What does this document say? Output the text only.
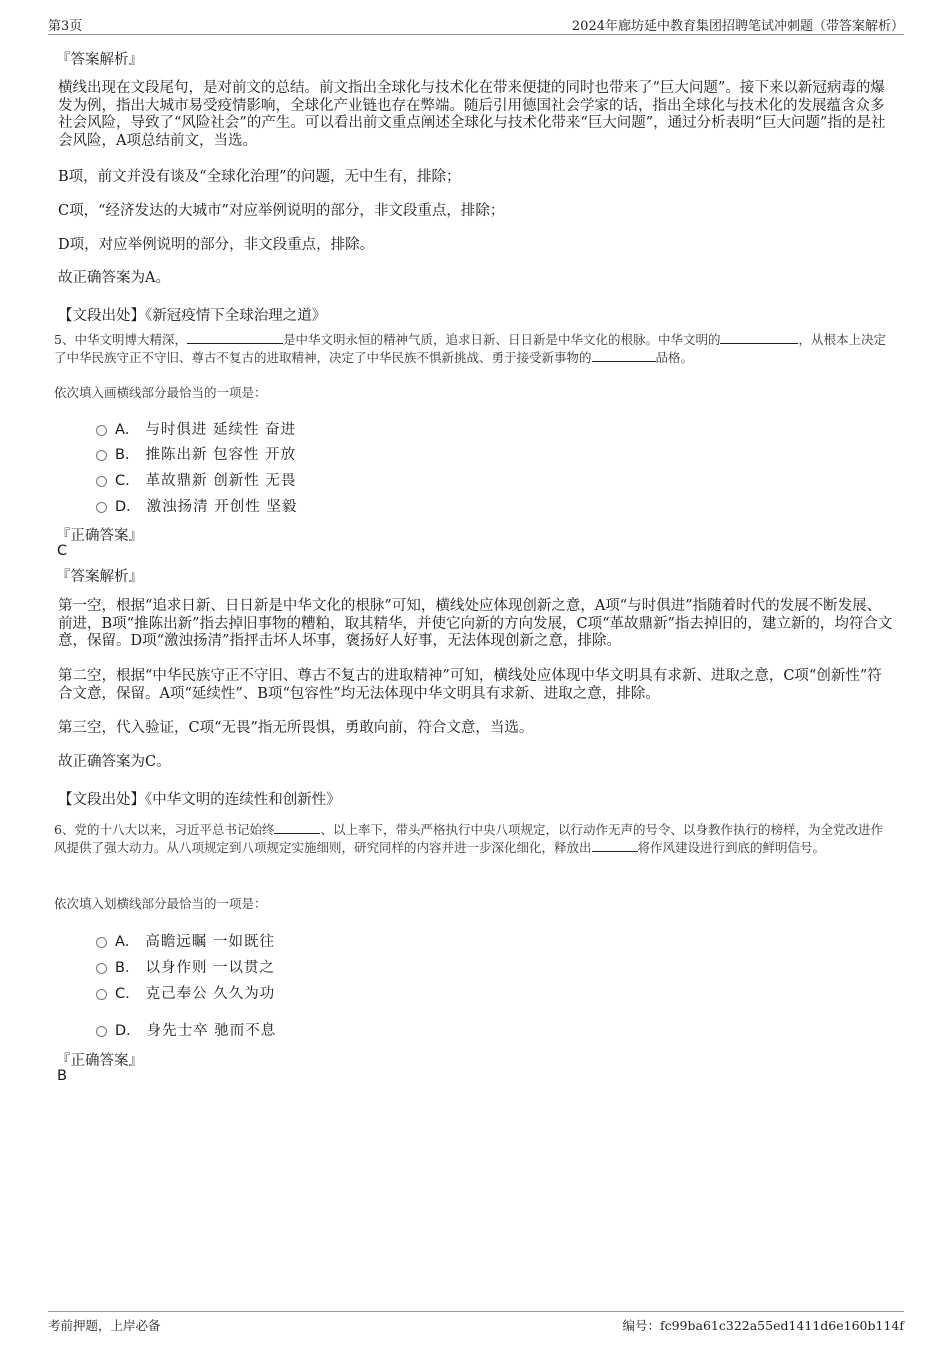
第3页	2024年廊坊延中教育集团招聘笔试冲刺题（带答案解析）
『答案解析』
横线出现在文段尾句，是对前文的总结。前文指出全球化与技术化在带来便捷的同时也带来了“巨大问题”。接下来以新冠病毒的爆发为例，指出大城市易受疫情影响，全球化产业链也存在弊端。随后引用德国社会学家的话，指出全球化与技术化的发展蕴含众多社会风险，导致了“风险社会”的产生。可以看出前文重点阐述全球化与技术化带来“巨大问题”，通过分析表明“巨大问题”指的是社会风险，A项总结前文，当选。
B项，前文并没有谈及“全球化治理”的问题，无中生有，排除；
C项，“经济发达的大城市”对应举例说明的部分，非文段重点，排除；
D项，对应举例说明的部分，非文段重点，排除。
故正确答案为A。
【文段出处】《新冠疫情下全球治理之道》
5、中华文明博大精深，	是中华文明永恒的精神气质，追求日新、日日新是中华文化的根脉。中华文明的	，从根本上决定了中华民族守正不守旧、尊古不复古的进取精神，决定了中华民族不惧新挑战、勇于接受新事物的	品格。
依次填入画横线部分最恰当的一项是：
A． 与时俱进 延续性 奋进
B． 推陈出新 包容性 开放
C． 革故鼎新 创新性 无畏
D． 激浊扬清 开创性 坚毅
『正确答案』
C
『答案解析』
第一空，根据“追求日新、日日新是中华文化的根脉”可知，横线处应体现创新之意，A项“与时俱进”指随着时代的发展不断发展、前进，B项“推陈出新”指去掉旧事物的糟粕，取其精华，并使它向新的方向发展，C项“革故鼎新”指去掉旧的，建立新的，均符合文意，保留。D项“激浊扬清”指抨击坏人坏事，褒扬好人好事，无法体现创新之意，排除。
第二空，根据“中华民族守正不守旧、尊古不复古的进取精神”可知，横线处应体现中华文明具有求新、进取之意，C项“创新性”符合文意，保留。A项“延续性”、B项“包容性”均无法体现中华文明具有求新、进取之意，排除。
第三空，代入验证，C项“无畏”指无所畏惧，勇敢向前，符合文意，当选。
故正确答案为C。
【文段出处】《中华文明的连续性和创新性》
6、党的十八大以来，习近平总书记始终	、以上率下，带头严格执行中央八项规定，以行动作无声的号令、以身教作执行的榜样，为全党改进作风提供了强大动力。从八项规定到八项规定实施细则，研究同样的内容并进一步深化细化，释放出	将作风建设进行到底的鲜明信号。
依次填入划横线部分最恰当的一项是：
A． 高瞻远瞩 一如既往
B． 以身作则 一以贯之
C． 克己奉公 久久为功
D． 身先士卒 驰而不息
『正确答案』
B
考前押题，上岸必备	编号：fc99ba61c322a55ed1411d6e160b114f
